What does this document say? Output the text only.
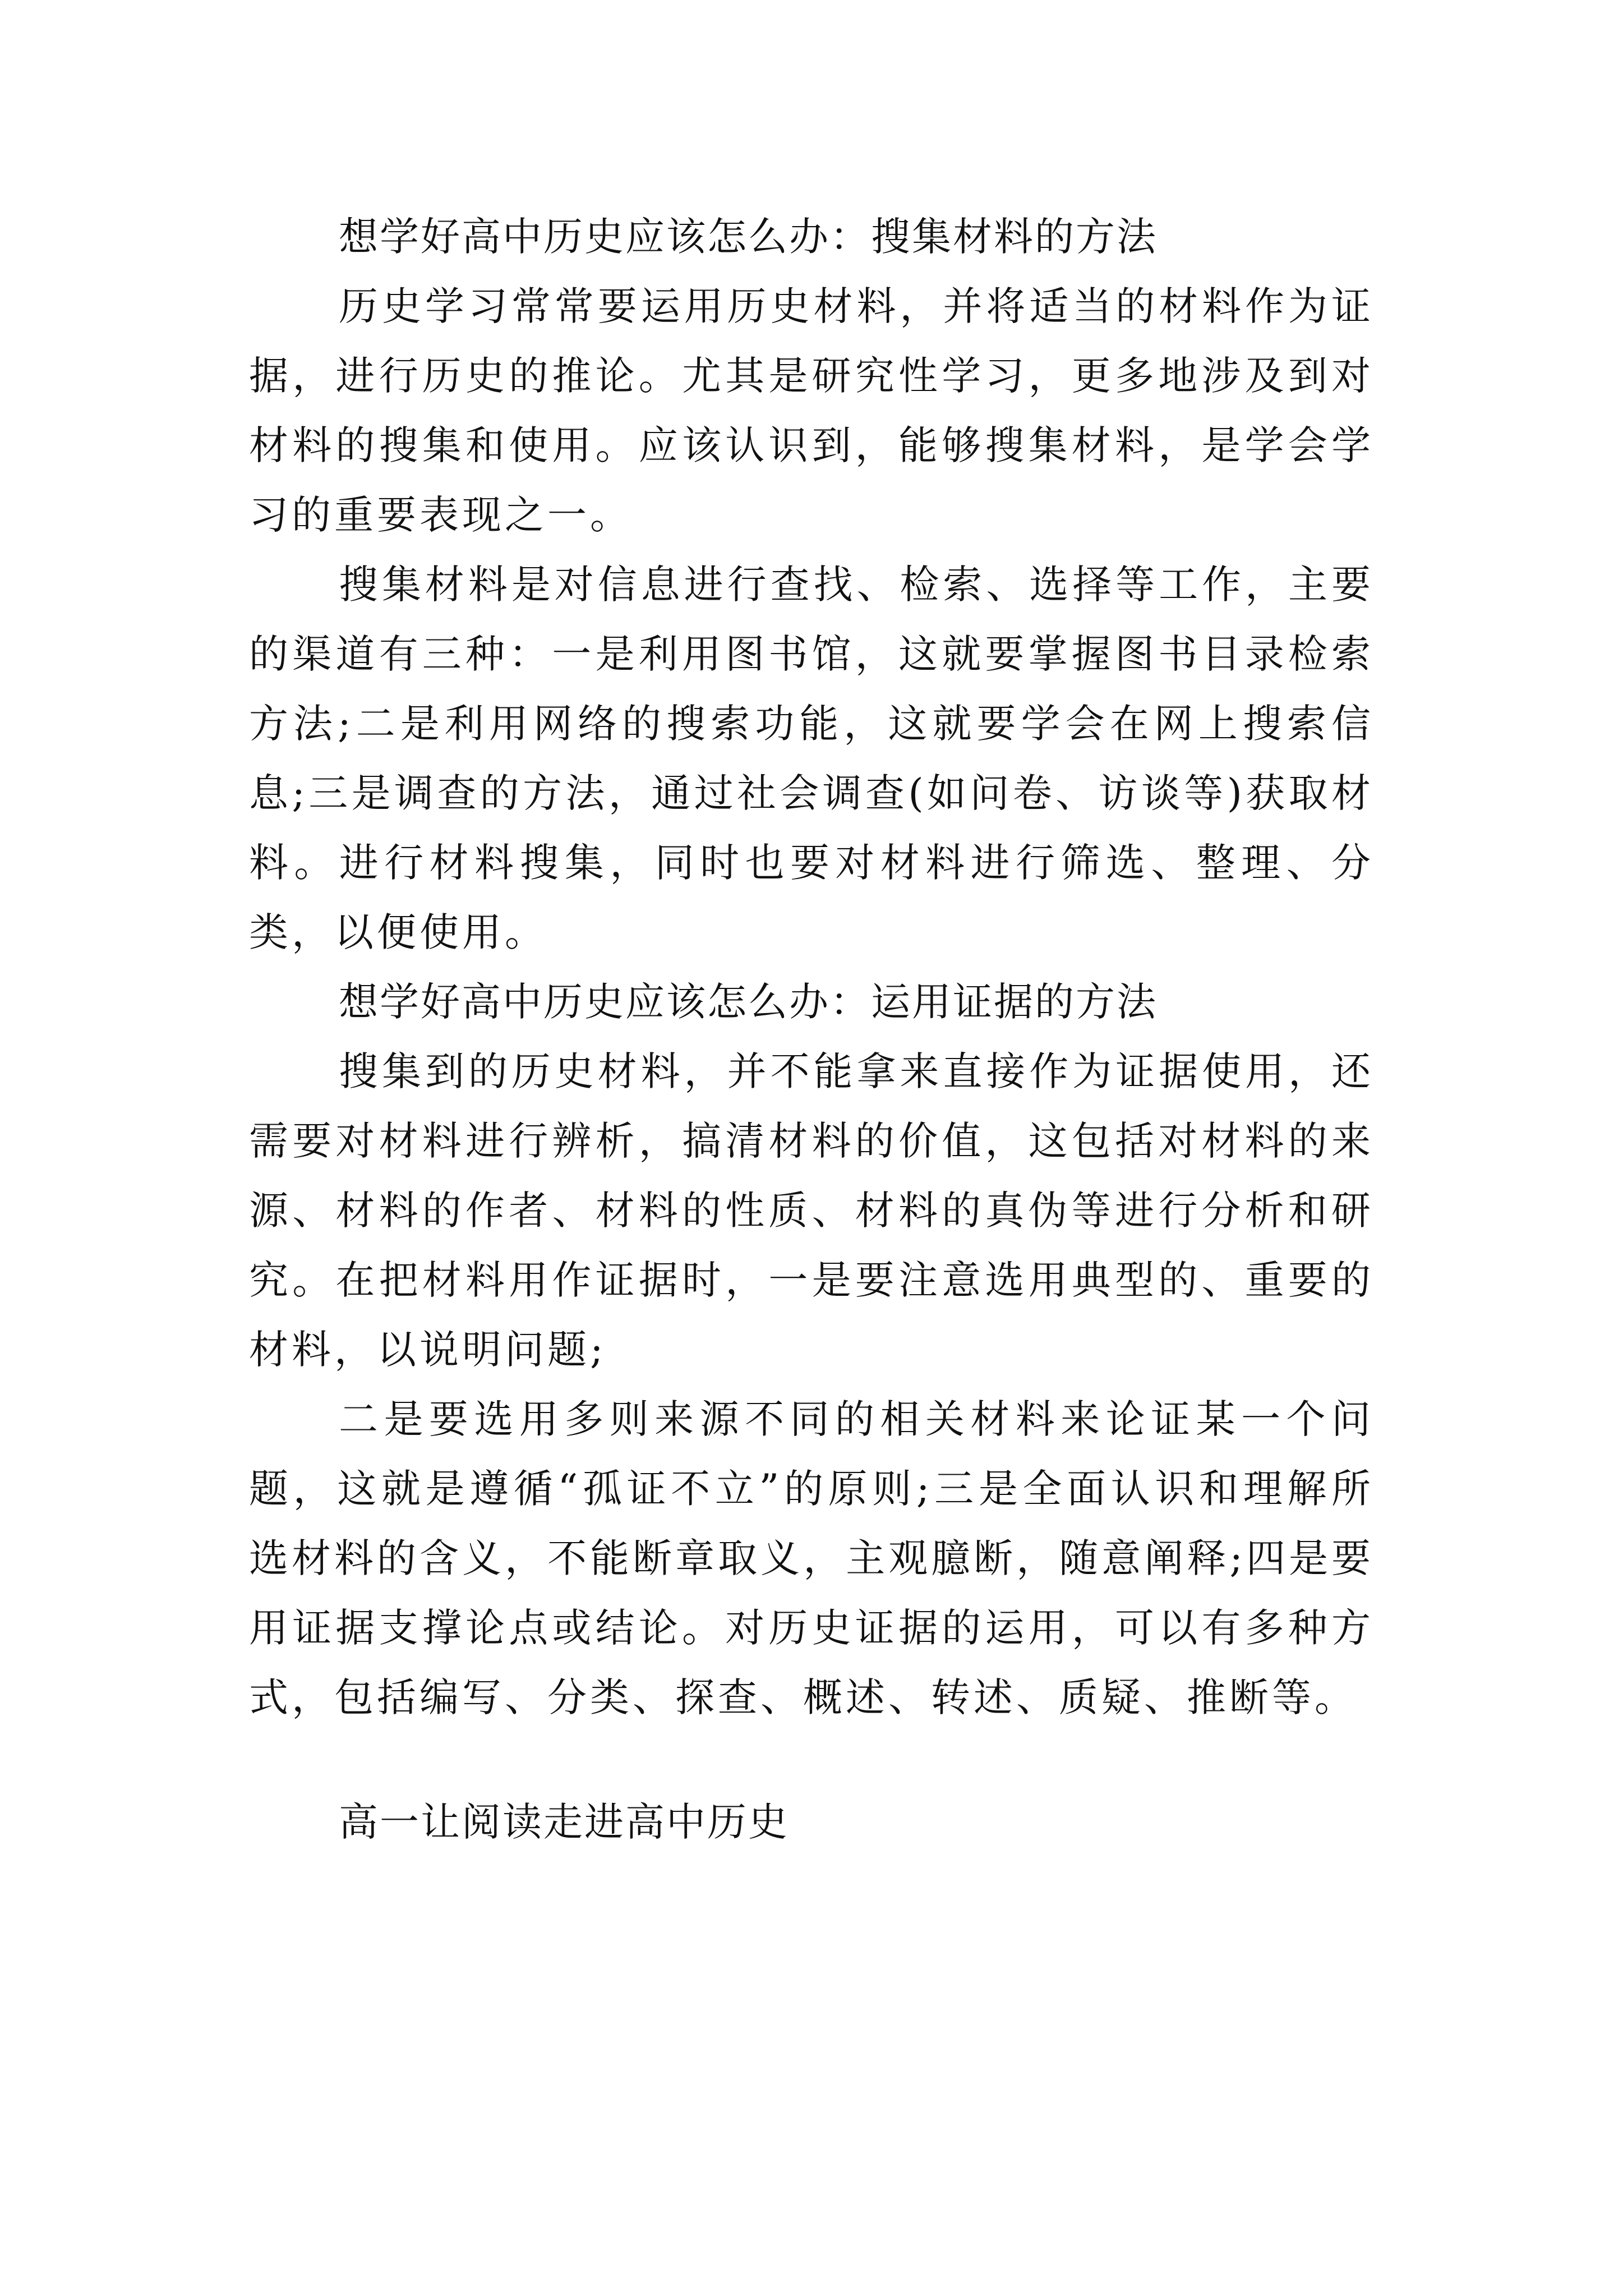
想学好高中历史应该怎么办：搜集材料的方法

历史学习常常要运用历史材料，并将适当的材料作为证据，进行历史的推论。尤其是研究性学习，更多地涉及到对材料的搜集和使用。应该认识到，能够搜集材料，是学会学习的重要表现之一。

搜集材料是对信息进行查找、检索、选择等工作，主要的渠道有三种：一是利用图书馆，这就要掌握图书目录检索方法;二是利用网络的搜索功能，这就要学会在网上搜索信息;三是调查的方法，通过社会调查(如问卷、访谈等)获取材料。进行材料搜集，同时也要对材料进行筛选、整理、分类，以便使用。

想学好高中历史应该怎么办：运用证据的方法

搜集到的历史材料，并不能拿来直接作为证据使用，还需要对材料进行辨析，搞清材料的价值，这包括对材料的来源、材料的作者、材料的性质、材料的真伪等进行分析和研究。在把材料用作证据时，一是要注意选用典型的、重要的材料，以说明问题;

二是要选用多则来源不同的相关材料来论证某一个问题，这就是遵循“孤证不立”的原则;三是全面认识和理解所选材料的含义，不能断章取义，主观臆断，随意阐释;四是要用证据支撑论点或结论。对历史证据的运用，可以有多种方式，包括编写、分类、探查、概述、转述、质疑、推断等。

高一让阅读走进高中历史
